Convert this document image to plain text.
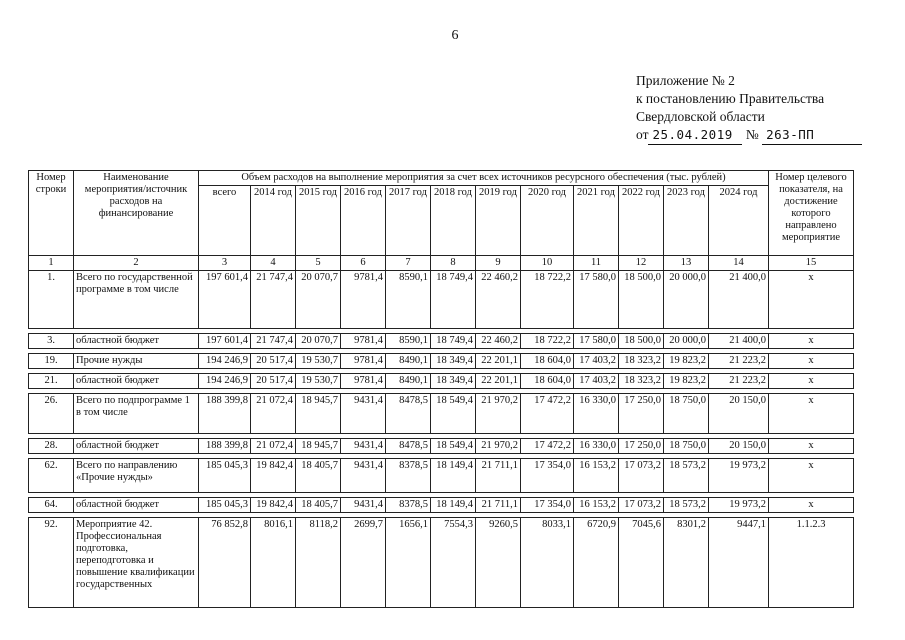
6
Приложение № 2
к постановлению Правительства
Свердловской области
от 25.04.2019 № 263-ПП
Номер строки	Наименование мероприятия/источник расходов на финансирование	Объем расходов на выполнение мероприятия за счет всех источников ресурсного обеспечения (тыс. рублей)												Номер целевого показателя, на достижение которого направлено мероприятие
		всего	2014 год	2015 год	2016 год	2017 год	2018 год	2019 год	2020 год	2021 год	2022 год	2023 год	2024 год	
1	2	3	4	5	6	7	8	9	10	11	12	13	14	15
1.	Всего по государственной программе в том числе	197 601,4	21 747,4	20 070,7	9781,4	8590,1	18 749,4	22 460,2	18 722,2	17 580,0	18 500,0	20 000,0	21 400,0	x

3.	областной бюджет	197 601,4	21 747,4	20 070,7	9781,4	8590,1	18 749,4	22 460,2	18 722,2	17 580,0	18 500,0	20 000,0	21 400,0	x

19.	Прочие нужды	194 246,9	20 517,4	19 530,7	9781,4	8490,1	18 349,4	22 201,1	18 604,0	17 403,2	18 323,2	19 823,2	21 223,2	x

21.	областной бюджет	194 246,9	20 517,4	19 530,7	9781,4	8490,1	18 349,4	22 201,1	18 604,0	17 403,2	18 323,2	19 823,2	21 223,2	x

26.	Всего по подпрограмме 1 в том числе	188 399,8	21 072,4	18 945,7	9431,4	8478,5	18 549,4	21 970,2	17 472,2	16 330,0	17 250,0	18 750,0	20 150,0	x

28.	областной бюджет	188 399,8	21 072,4	18 945,7	9431,4	8478,5	18 549,4	21 970,2	17 472,2	16 330,0	17 250,0	18 750,0	20 150,0	x

62.	Всего по направлению «Прочие нужды»	185 045,3	19 842,4	18 405,7	9431,4	8378,5	18 149,4	21 711,1	17 354,0	16 153,2	17 073,2	18 573,2	19 973,2	x

64.	областной бюджет	185 045,3	19 842,4	18 405,7	9431,4	8378,5	18 149,4	21 711,1	17 354,0	16 153,2	17 073,2	18 573,2	19 973,2	x

92.	Мероприятие 42. Профессиональная подготовка, переподготовка и повышение квалификации государственных	76 852,8	8016,1	8118,2	2699,7	1656,1	7554,3	9260,5	8033,1	6720,9	7045,6	8301,2	9447,1	1.1.2.3
